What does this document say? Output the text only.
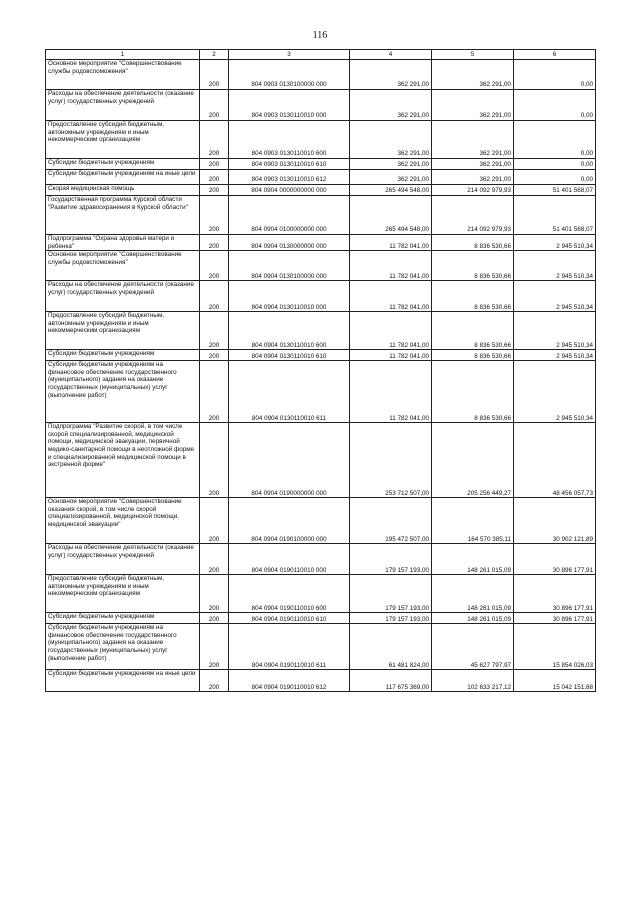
116
1	2	3	4	5	6
Основное мероприятие "Совершенствование службы родовспоможения"	200	804 0903 0130100000 000	362 291,00	362 291,00	0,00
Расходы на обеспечение деятельности (оказание услуг) государственных учреждений	200	804 0903 0130110010 000	362 291,00	362 291,00	0,00
Предоставление субсидий бюджетным, автономным учреждениям и иным некоммерческим организациям	200	804 0903 0130110010 600	362 291,00	362 291,00	0,00
Субсидии бюджетным учреждениям	200	804 0903 0130110010 610	362 291,00	362 291,00	0,00
Субсидии бюджетным учреждениям на иные цели	200	804 0903 0130110010 612	362 291,00	362 291,00	0,00
Скорая медицинская помощь	200	804 0904 0000000000 000	265 494 548,00	214 092 979,93	51 401 568,07
Государственная программа Курской области "Развитие здравоохранения в Курской области"	200	804 0904 0100000000 000	265 494 548,00	214 092 979,93	51 401 568,07
Подпрограмма "Охрана здоровья матери и ребенка"	200	804 0904 0130000000 000	11 782 041,00	8 836 530,66	2 945 510,34
Основное мероприятие "Совершенствование службы родовспоможения"	200	804 0904 0130100000 000	11 782 041,00	8 836 530,66	2 945 510,34
Расходы на обеспечение деятельности (оказание услуг) государственных учреждений	200	804 0904 0130110010 000	11 782 041,00	8 836 530,66	2 945 510,34
Предоставление субсидий бюджетным, автономным учреждениям и иным некоммерческим организациям	200	804 0904 0130110010 600	11 782 041,00	8 836 530,66	2 945 510,34
Субсидии бюджетным учреждениям	200	804 0904 0130110010 610	11 782 041,00	8 836 530,66	2 945 510,34
Субсидии бюджетным учреждениям на финансовое обеспечение государственного (муниципального) задания на оказание государственных (муниципальных) услуг (выполнение работ)	200	804 0904 0130110010 611	11 782 041,00	8 836 530,66	2 945 510,34
Подпрограмма "Развитие скорой, в том числе скорой специализированной, медицинской помощи, медицинской эвакуации, первичной медико-санитарной помощи в неотложной форме и специализированной медицинской помощи в экстренной форме"	200	804 0904 0190000000 000	253 712 507,00	205 256 449,27	48 456 057,73
Основное мероприятие "Совершенствование оказания скорой, в том числе скорой специализированной, медицинской помощи, медицинской эвакуации"	200	804 0904 0190100000 000	195 472 507,00	164 570 385,11	30 902 121,89
Расходы на обеспечение деятельности (оказание услуг) государственных учреждений	200	804 0904 0190110010 000	179 157 193,00	148 261 015,09	30 896 177,91
Предоставление субсидий бюджетным, автономным учреждениям и иным некоммерческим организациям	200	804 0904 0190110010 600	179 157 193,00	148 261 015,09	30 896 177,91
Субсидии бюджетным учреждениям	200	804 0904 0190110010 610	179 157 193,00	148 261 015,09	30 896 177,91
Субсидии бюджетным учреждениям на финансовое обеспечение государственного (муниципального) задания на оказание государственных (муниципальных) услуг (выполнение работ)	200	804 0904 0190110010 611	61 481 824,00	45 627 797,97	15 854 026,03
Субсидии бюджетным учреждениям на иные цели	200	804 0904 0190110010 612	117 675 369,00	102 633 217,12	15 042 151,88
